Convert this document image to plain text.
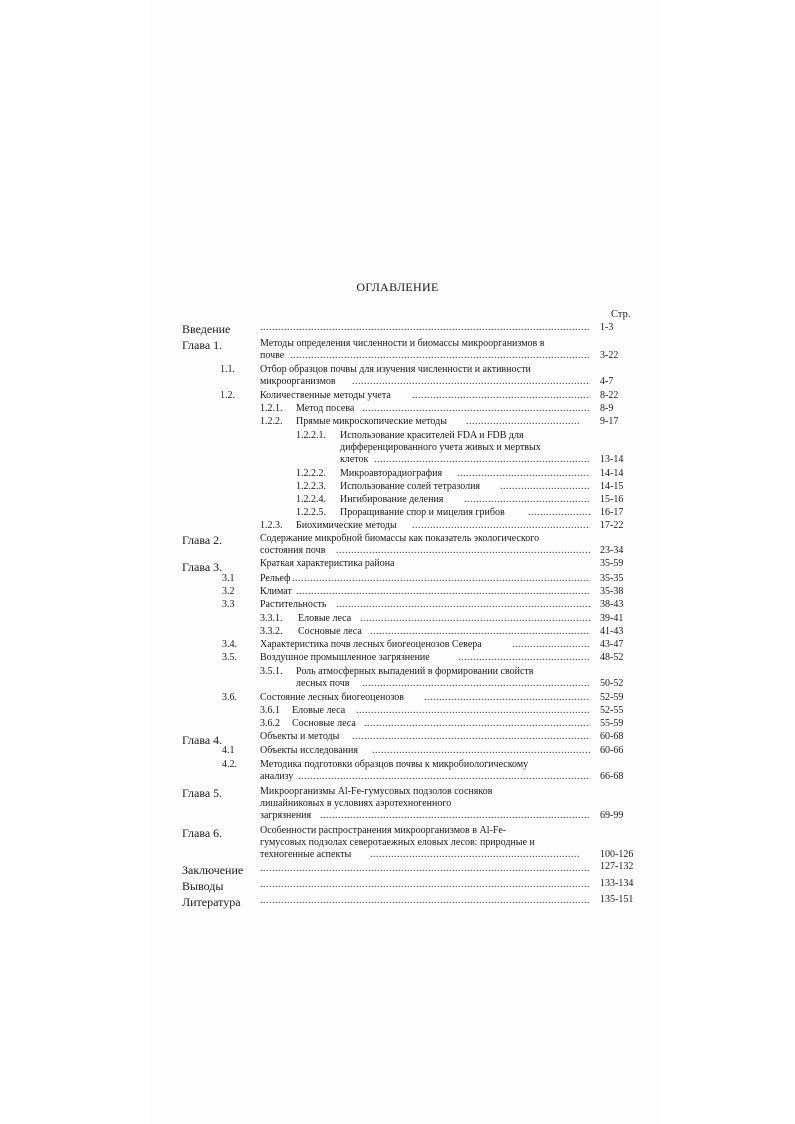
ОГЛАВЛЕНИЕ
Стр.
Введение .....	1-3
Глава 1.	Методы определения численности и биомассы микроорганизмов в
почве .....	3-22
1.1.	Отбор образцов почвы для изучения численности и активности
микроорганизмов .....	4-7
1.2.	Количественные методы учета .....	8-22
1.2.1. Метод посева .....	8-9
1.2.2. Прямые микроскопические методы .....	9-17
1.2.2.1. Использование красителей FDA и FDB для
дифференцированного учета живых и мертвых
клеток .....	13-14
1.2.2.2. Микроавторадиография .....	14-14
1.2.2.3. Использование солей тетразолия .....	14-15
1.2.2.4. Ингибирование деления .....	15-16
1.2.2.5. Проращивание спор и мицелия грибов .....	16-17
1.2.3. Биохимические методы .....	17-22
Глава 2.	Содержание микробной биомассы как показатель экологического
состояния почв .....	23-34
Глава 3.	Краткая характеристика района	35-59
3.1	Рельеф .....	35-35
3.2	Климат .....	35-38
3.3	Растительность .....	38-43
3.3.1. Еловые леса .....	39-41
3.3.2. Сосновые леса .....	41-43
3.4. Характеристика почв лесных биогеоценозов Севера .....	43-47
3.5. Воздушное промышленное загрязнение .....	48-52
3.5.1. Роль атмосферных выпадений в формировании свойств
лесных почв .....	50-52
3.6. Состояние лесных биогеоценозов .....	52-59
3.6.1 Еловые леса .....	52-55
3.6.2 Сосновые леса .....	55-59
Глава 4.	Объекты и методы .....	60-68
4.1	Объекты исследования .....	60-66
4.2. Методика подготовки образцов почвы к микробиологическому
анализу .....	66-68
Глава 5.	Микроорганизмы Al-Fe-гумусовых подзолов сосняков
лишайниковых в условиях аэротехногенного
загрязнения .....	69-99
Глава 6.	Особенности распространения микроорганизмов в Al-Fe-
гумусовых подзолах северотаежных еловых лесов: природные и
техногенные аспекты .....	100-126
Заключение .....	127-132
Выводы .....	133-134
Литература .....	135-151
